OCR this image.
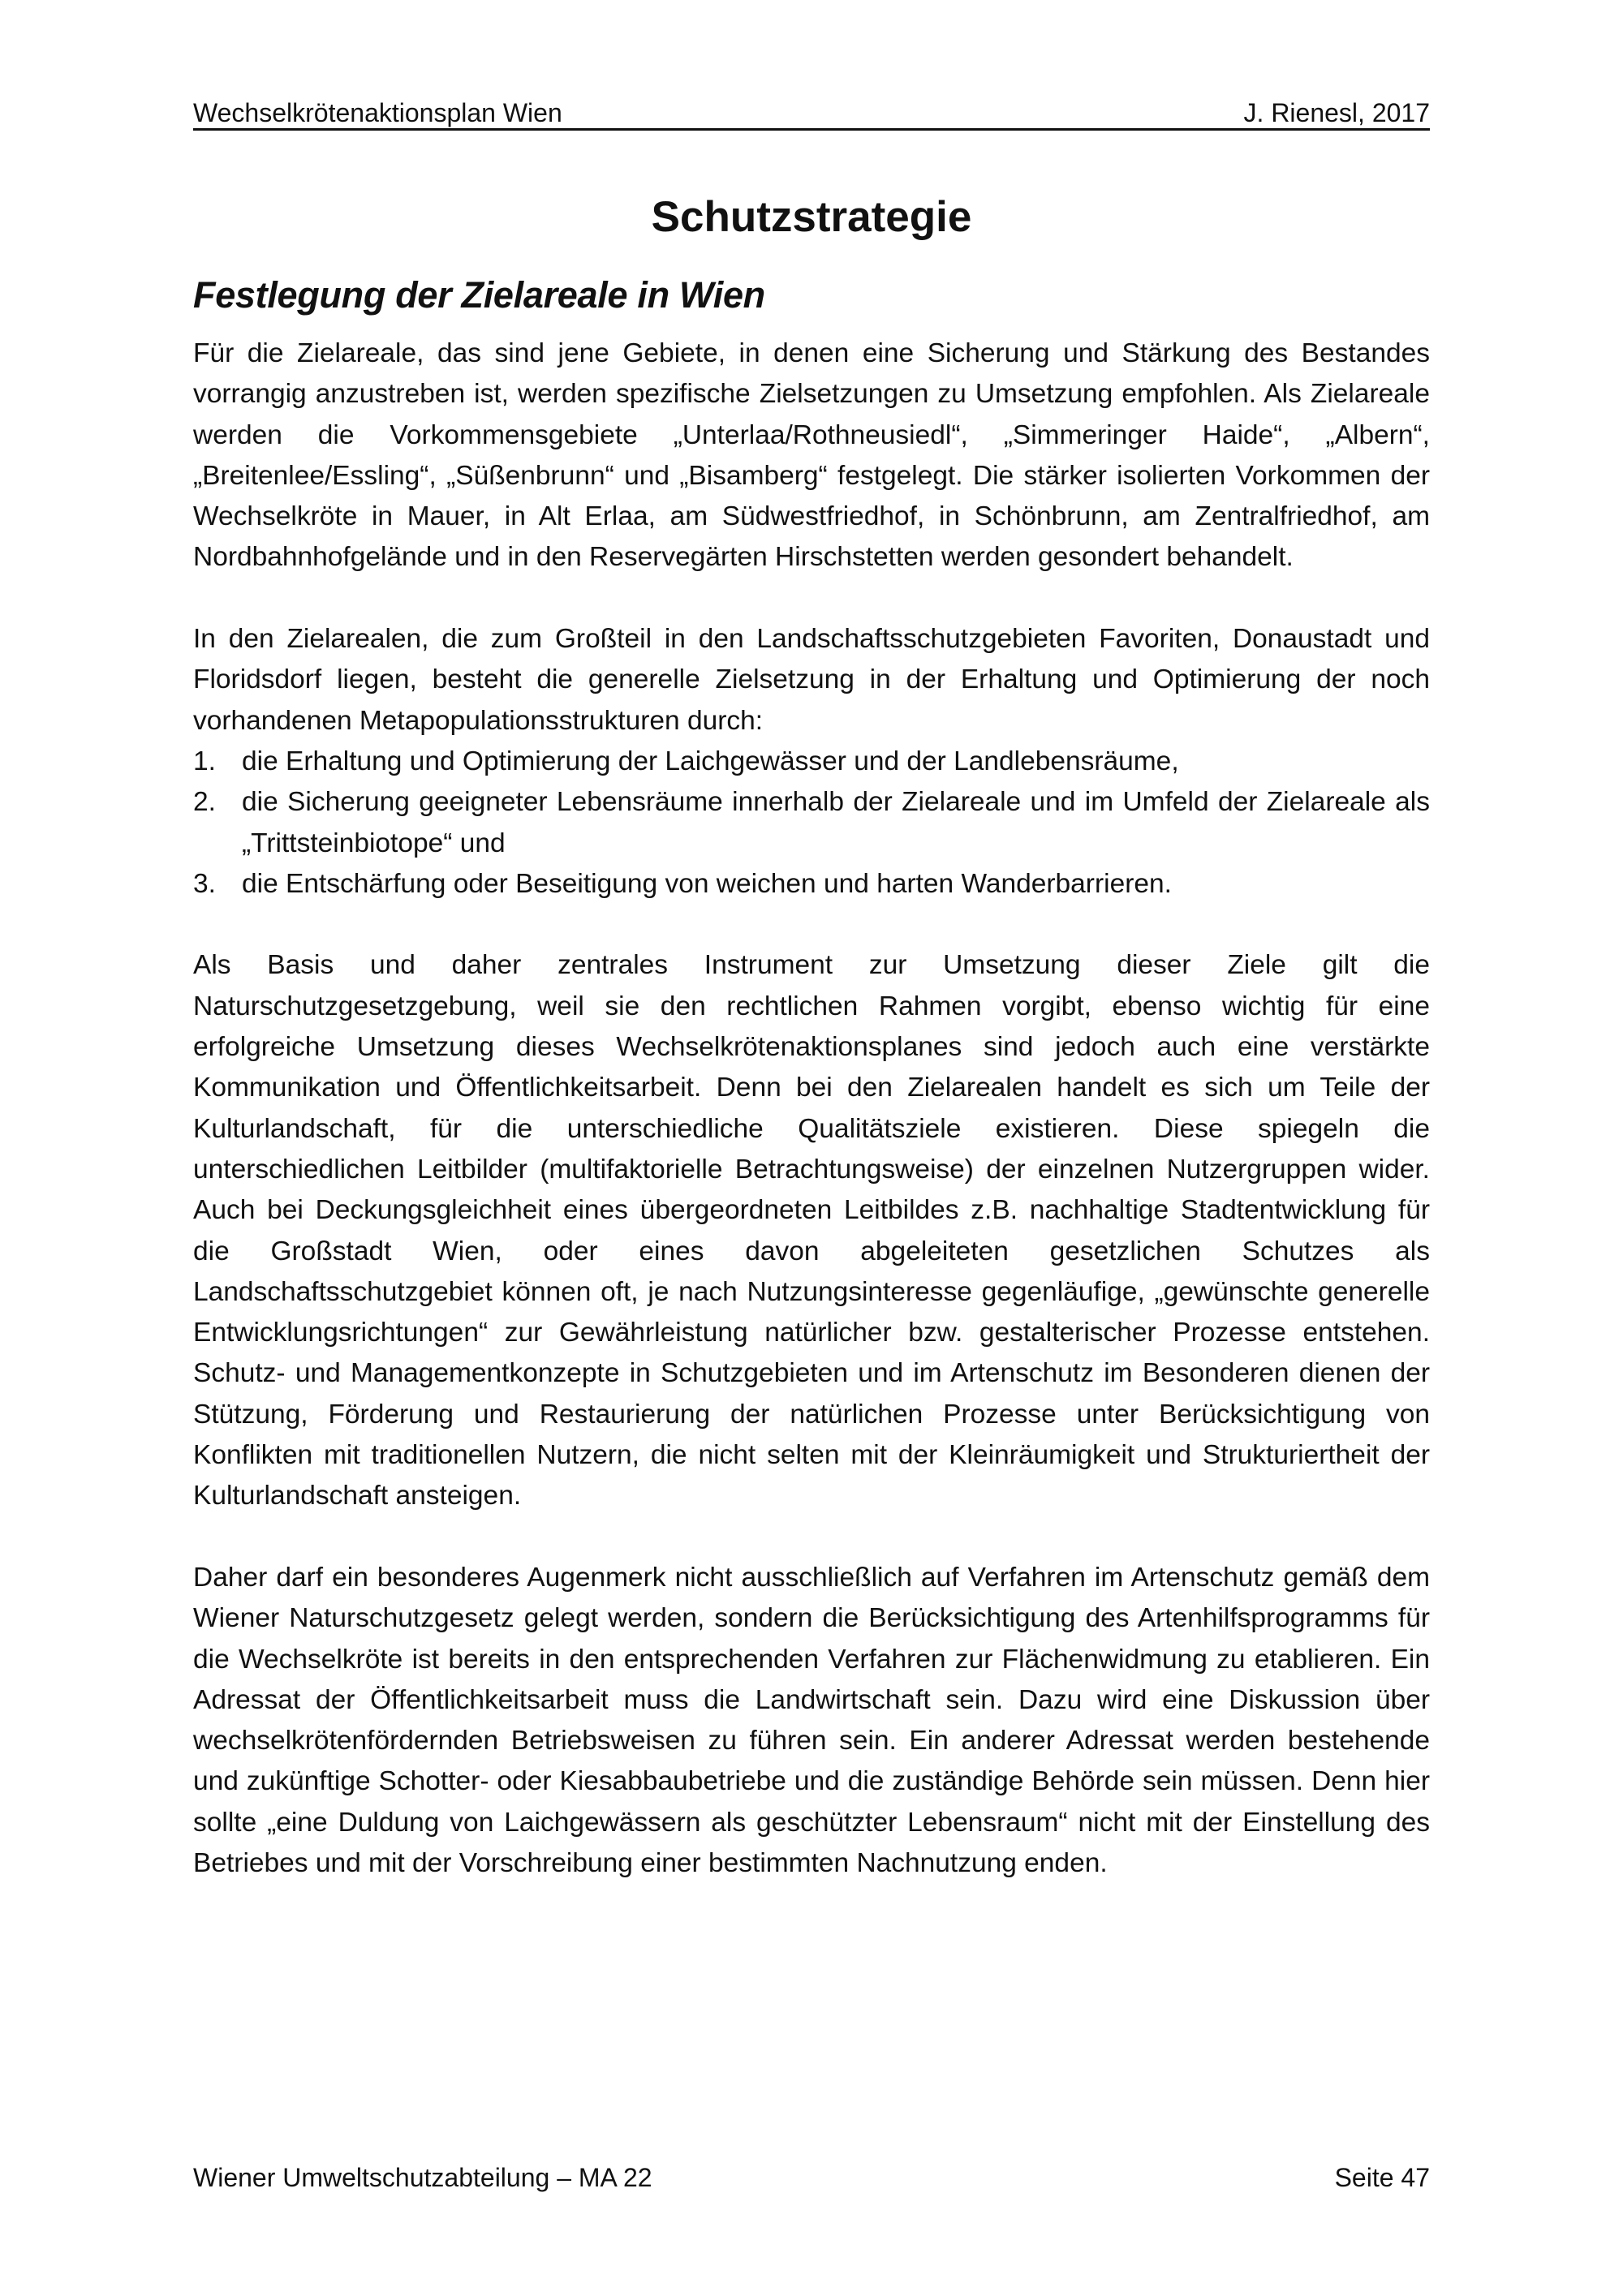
Wechselkrötenaktionsplan Wien	J. Rienesl, 2017
Schutzstrategie
Festlegung der Zielareale in Wien

Für die Zielareale, das sind jene Gebiete, in denen eine Sicherung und Stärkung des Bestandes vorrangig anzustreben ist, werden spezifische Zielsetzungen zu Umsetzung empfohlen. Als Zielareale werden die Vorkommensgebiete „Unterlaa/Rothneusiedl“, „Simmeringer Haide“, „Albern“, „Breitenlee/Essling“, „Süßenbrunn“ und „Bisamberg“ festgelegt. Die stärker isolierten Vorkommen der Wechselkröte in Mauer, in Alt Erlaa, am Südwestfriedhof, in Schönbrunn, am Zentralfriedhof, am Nordbahnhofgelände und in den Reservegärten Hirschstetten werden gesondert behandelt.

In den Zielarealen, die zum Großteil in den Landschaftsschutzgebieten Favoriten, Donaustadt und Floridsdorf liegen, besteht die generelle Zielsetzung in der Erhaltung und Optimierung der noch vorhandenen Metapopulationsstrukturen durch:

1. die Erhaltung und Optimierung der Laichgewässer und der Landlebensräume,
2. die Sicherung geeigneter Lebensräume innerhalb der Zielareale und im Umfeld der Zielareale als „Trittsteinbiotope“ und
3. die Entschärfung oder Beseitigung von weichen und harten Wanderbarrieren.

Als Basis und daher zentrales Instrument zur Umsetzung dieser Ziele gilt die Naturschutzgesetzgebung, weil sie den rechtlichen Rahmen vorgibt, ebenso wichtig für eine erfolgreiche Umsetzung dieses Wechselkrötenaktionsplanes sind jedoch auch eine verstärkte Kommunikation und Öffentlichkeitsarbeit. Denn bei den Zielarealen handelt es sich um Teile der Kulturlandschaft, für die unterschiedliche Qualitätsziele existieren. Diese spiegeln die unterschiedlichen Leitbilder (multifaktorielle Betrachtungsweise) der einzelnen Nutzergruppen wider. Auch bei Deckungsgleichheit eines übergeordneten Leitbildes z.B. nachhaltige Stadtentwicklung für die Großstadt Wien, oder eines davon abgeleiteten gesetzlichen Schutzes als Landschaftsschutzgebiet können oft, je nach Nutzungsinteresse gegenläufige, „gewünschte generelle Entwicklungsrichtungen“ zur Gewährleistung natürlicher bzw. gestalterischer Prozesse entstehen. Schutz- und Managementkonzepte in Schutzgebieten und im Artenschutz im Besonderen dienen der Stützung, Förderung und Restaurierung der natürlichen Prozesse unter Berücksichtigung von Konflikten mit traditionellen Nutzern, die nicht selten mit der Kleinräumigkeit und Strukturiertheit der Kulturlandschaft ansteigen.

Daher darf ein besonderes Augenmerk nicht ausschließlich auf Verfahren im Artenschutz gemäß dem Wiener Naturschutzgesetz gelegt werden, sondern die Berücksichtigung des Artenhilfsprogramms für die Wechselkröte ist bereits in den entsprechenden Verfahren zur Flächenwidmung zu etablieren. Ein Adressat der Öffentlichkeitsarbeit muss die Landwirtschaft sein. Dazu wird eine Diskussion über wechselkrötenfördernden Betriebsweisen zu führen sein. Ein anderer Adressat werden bestehende und zukünftige Schotter- oder Kiesabbaubetriebe und die zuständige Behörde sein müssen. Denn hier sollte „eine Duldung von Laichgewässern als geschützter Lebensraum“ nicht mit der Einstellung des Betriebes und mit der Vorschreibung einer bestimmten Nachnutzung enden.

Wiener Umweltschutzabteilung – MA 22	Seite 47
